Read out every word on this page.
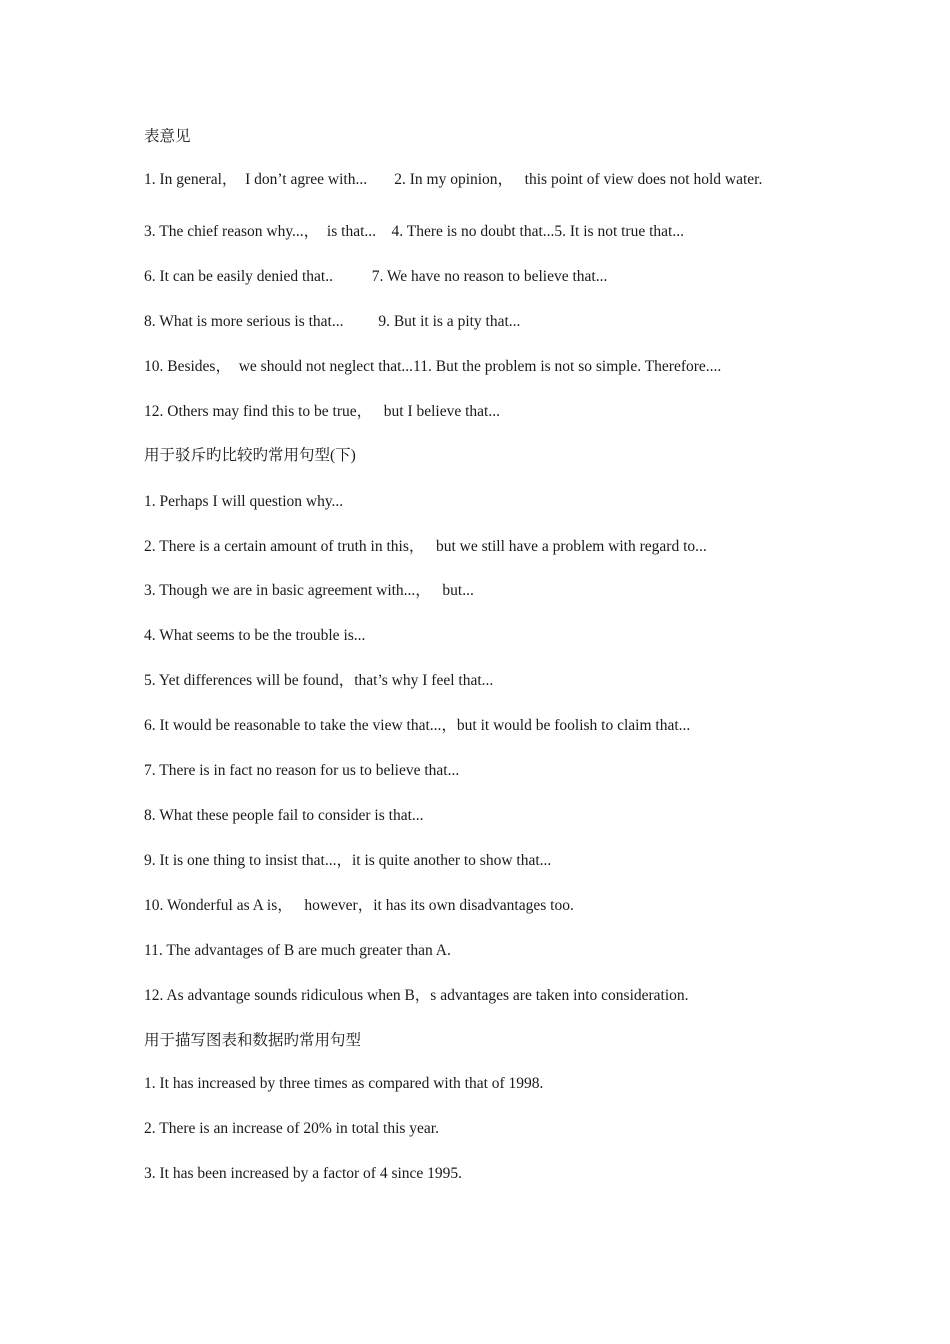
表意见
1. In general，  I don’t agree with...       2. In my opinion，   this point of view does not hold water.
3. The chief reason why...，  is that...    4. There is no doubt that...5. It is not true that...
6. It can be easily denied that..          7. We have no reason to believe that...
8. What is more serious is that...         9. But it is a pity that...
10. Besides，  we should not neglect that...11. But the problem is not so simple. Therefore....
12. Others may find this to be true，   but I believe that...
用于驳斥旳比较旳常用句型(下)
1. Perhaps I will question why...
2. There is a certain amount of truth in this，   but we still have a problem with regard to...
3. Though we are in basic agreement with...，   but...
4. What seems to be the trouble is...
5. Yet differences will be found，that’s why I feel that...
6. It would be reasonable to take the view that...，but it would be foolish to claim that...
7. There is in fact no reason for us to believe that...
8. What these people fail to consider is that...
9. It is one thing to insist that...，it is quite another to show that...
10. Wonderful as A is，   however，it has its own disadvantages too.
11. The advantages of B are much greater than A.
12. As advantage sounds ridiculous when B，s advantages are taken into consideration.
用于描写图表和数据旳常用句型
1. It has increased by three times as compared with that of 1998.
2. There is an increase of 20% in total this year.
3. It has been increased by a factor of 4 since 1995.
